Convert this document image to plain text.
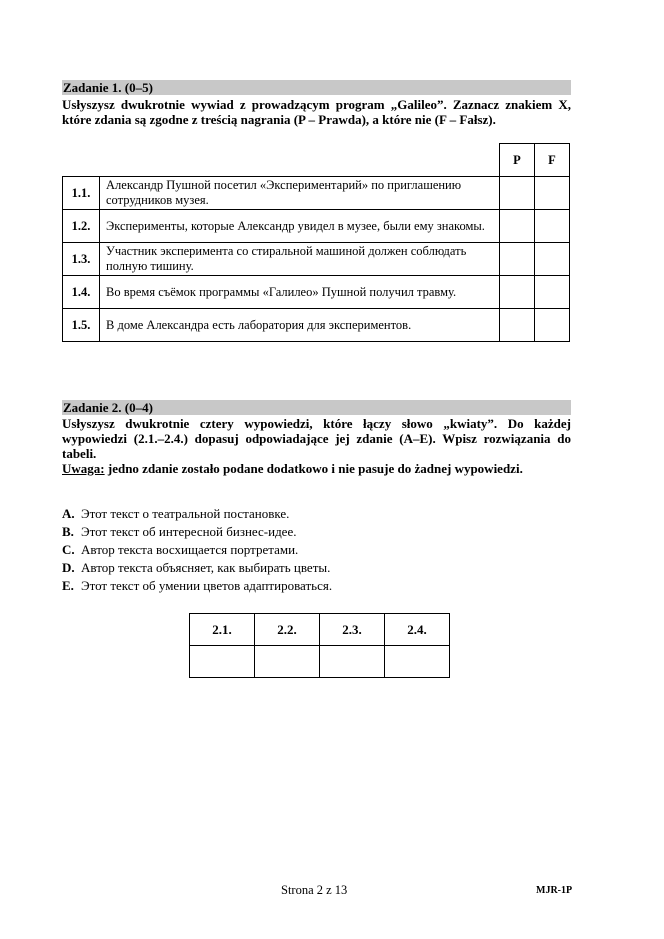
Zadanie 1. (0–5)
Usłyszysz dwukrotnie wywiad z prowadzącym program „Galileo”. Zaznacz znakiem X, które zdania są zgodne z treścią nagrania (P – Prawda), a które nie (F – Fałsz).
		P	F
1.1.	Александр Пушной посетил «Экспериментарий» по приглашению сотрудников музея.		
1.2.	Эксперименты, которые Александр увидел в музее, были ему знакомы.		
1.3.	Участник эксперимента со стиральной машиной должен соблюдать полную тишину.		
1.4.	Во время съёмок программы «Галилео» Пушной получил травму.		
1.5.	В доме Александра есть лаборатория для экспериментов.		
Zadanie 2. (0–4)

Usłyszysz dwukrotnie cztery wypowiedzi, które łączy słowo „kwiaty”. Do każdej wypowiedzi (2.1.–2.4.) dopasuj odpowiadające jej zdanie (A–E). Wpisz rozwiązania do tabeli.

Uwaga: jedno zdanie zostało podane dodatkowo i nie pasuje do żadnej wypowiedzi.

A. Этот текст о театральной постановке.

B. Этот текст об интересной бизнес-идее.

C. Автор текста восхищается портретами.

D. Автор текста объясняет, как выбирать цветы.

E. Этот текст об умении цветов адаптироваться.

2.1.	2.2.	2.3.	2.4.

Strona 2 z 13	MJR-1P
